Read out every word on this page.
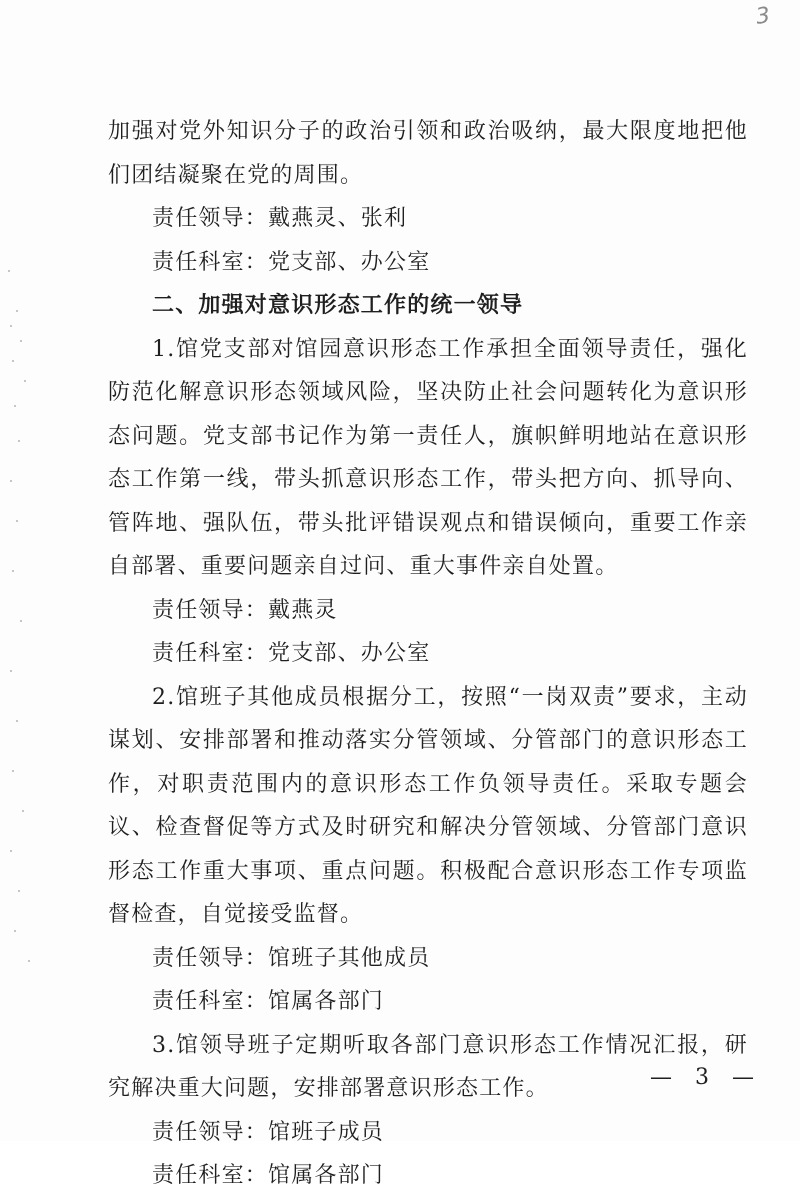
3

加强对党外知识分子的政治引领和政治吸纳，最大限度地把他们团结凝聚在党的周围。

责任领导：戴燕灵、张利

责任科室：党支部、办公室

二、加强对意识形态工作的统一领导

1.馆党支部对馆园意识形态工作承担全面领导责任，强化防范化解意识形态领域风险，坚决防止社会问题转化为意识形态问题。党支部书记作为第一责任人，旗帜鲜明地站在意识形态工作第一线，带头抓意识形态工作，带头把方向、抓导向、管阵地、强队伍，带头批评错误观点和错误倾向，重要工作亲自部署、重要问题亲自过问、重大事件亲自处置。

责任领导：戴燕灵

责任科室：党支部、办公室

2.馆班子其他成员根据分工，按照“一岗双责”要求，主动谋划、安排部署和推动落实分管领域、分管部门的意识形态工作，对职责范围内的意识形态工作负领导责任。采取专题会议、检查督促等方式及时研究和解决分管领域、分管部门意识形态工作重大事项、重点问题。积极配合意识形态工作专项监督检查，自觉接受监督。

责任领导：馆班子其他成员

责任科室：馆属各部门

3.馆领导班子定期听取各部门意识形态工作情况汇报，研究解决重大问题，安排部署意识形态工作。

责任领导：馆班子成员

责任科室：馆属各部门

— 3 —
